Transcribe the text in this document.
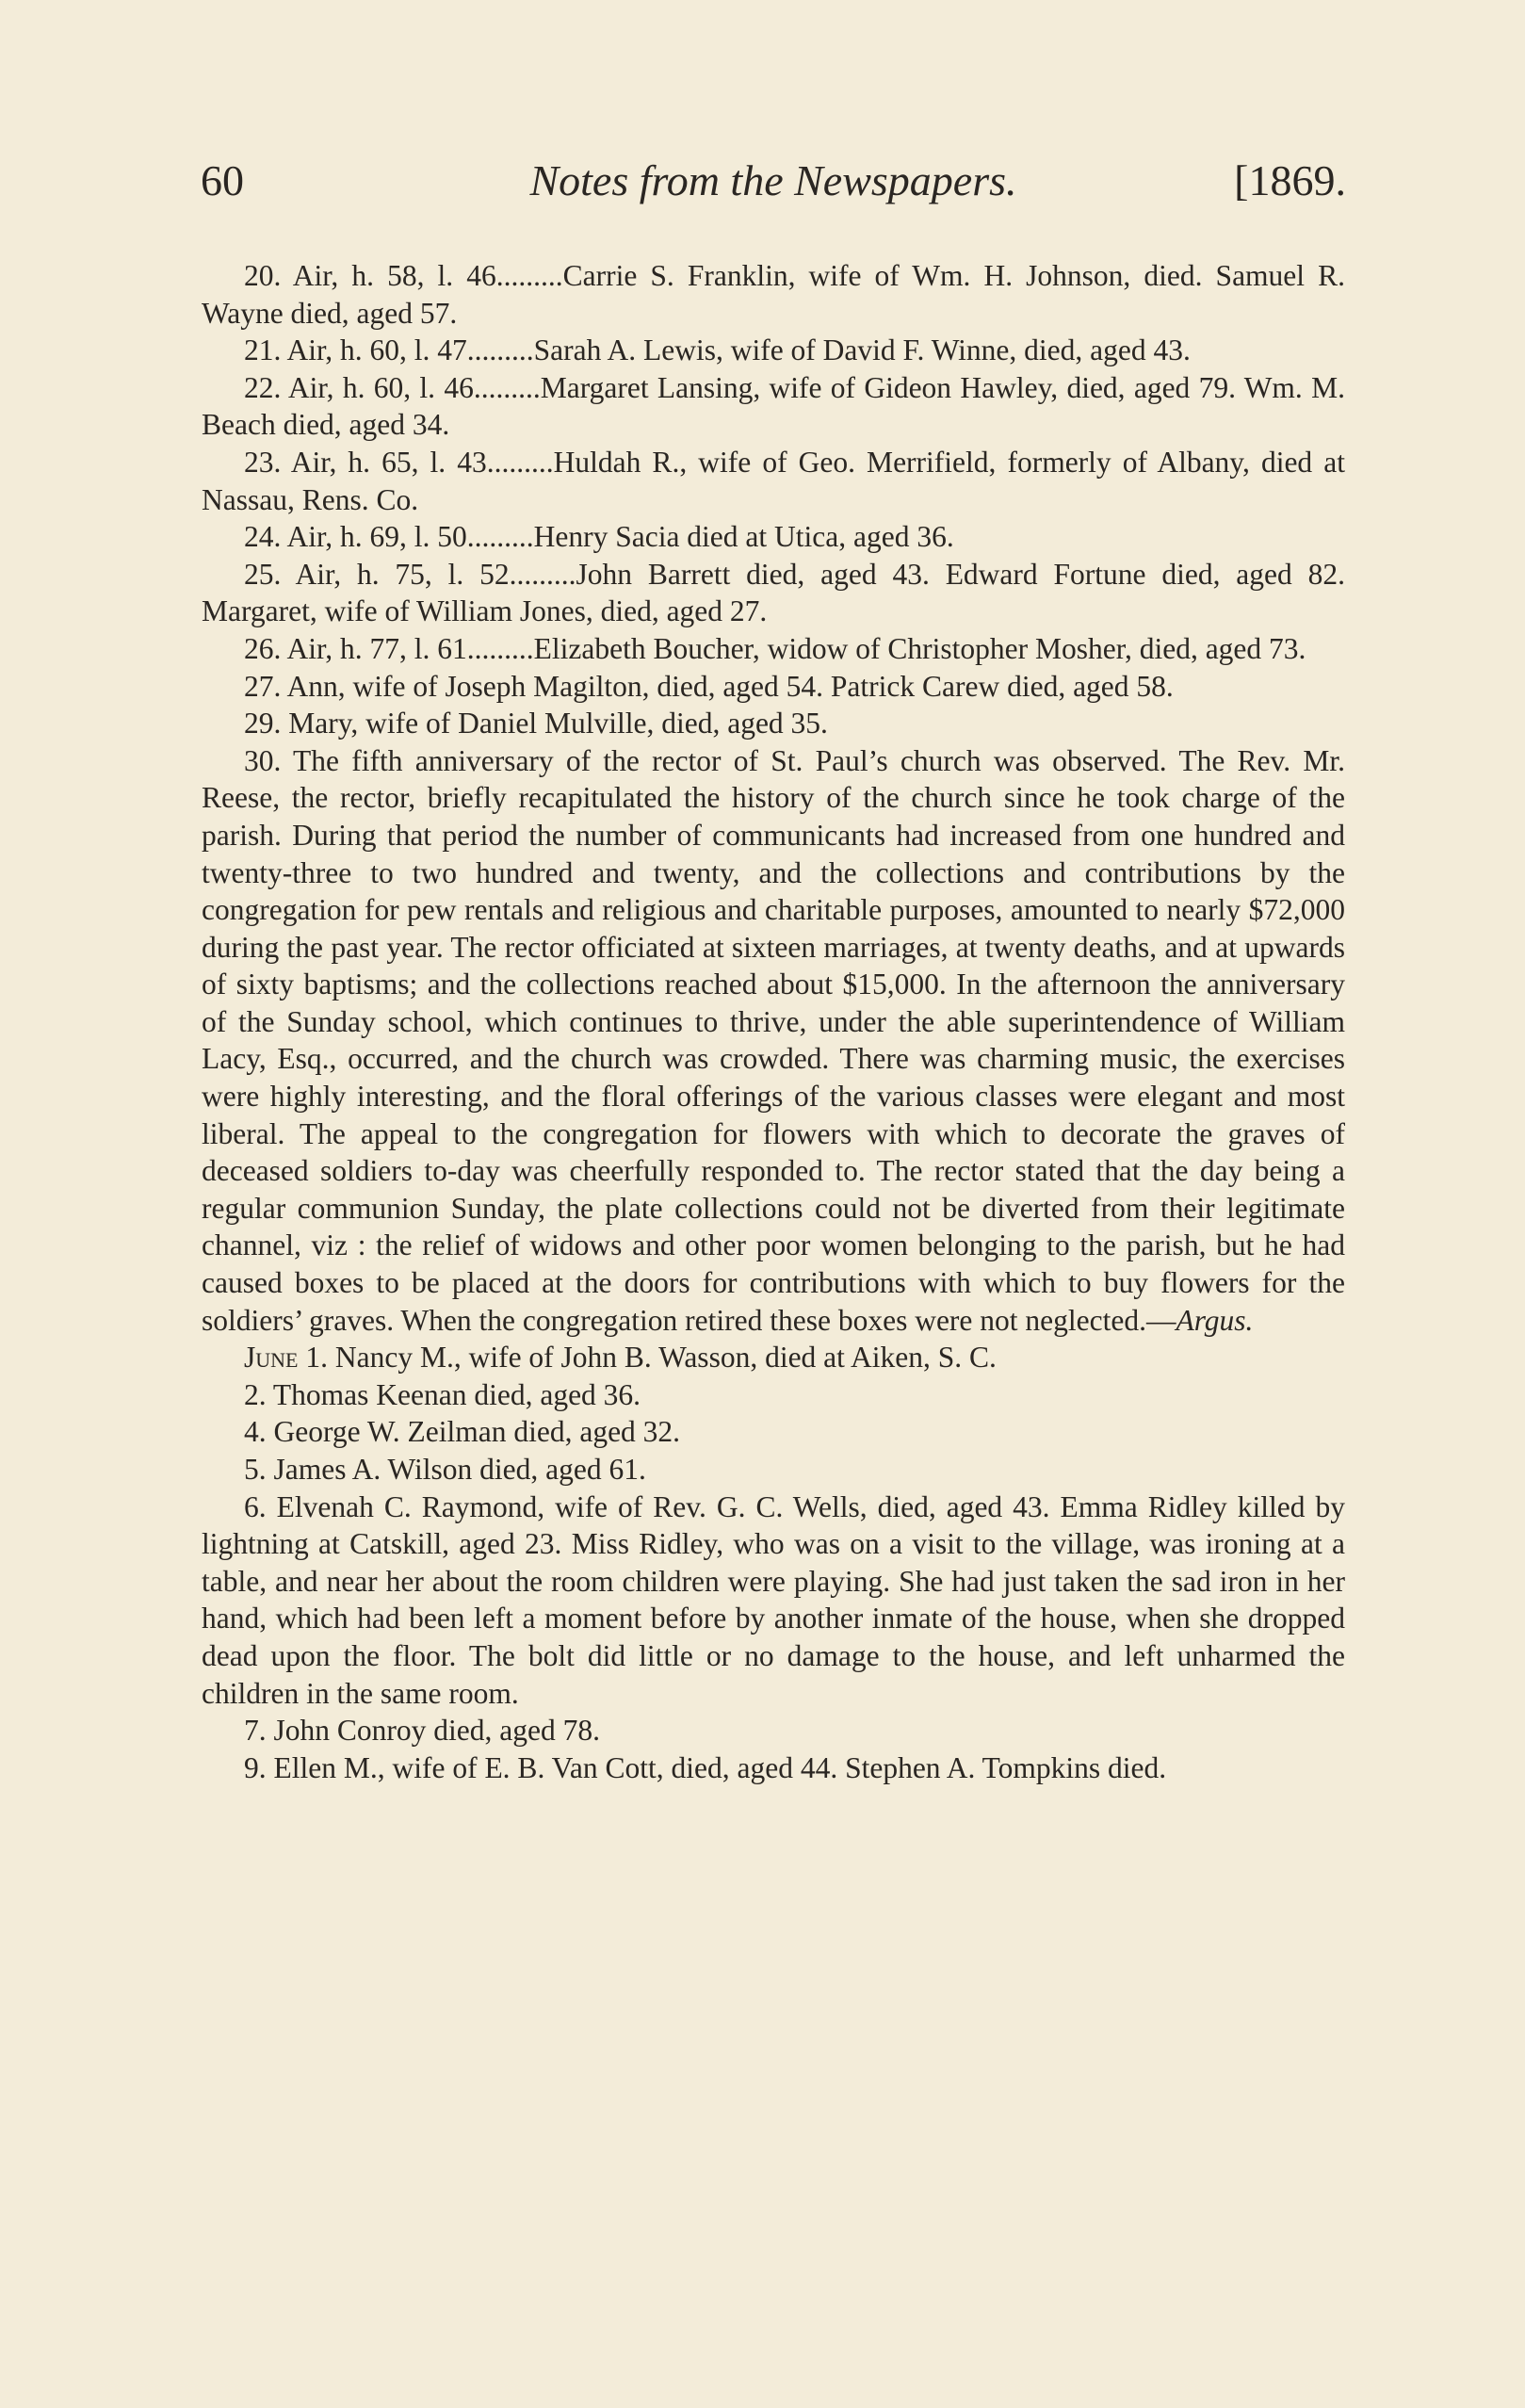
60	Notes from the Newspapers.	[1869.

20. Air, h. 58, l. 46.........Carrie S. Franklin, wife of Wm. H. Johnson, died. Samuel R. Wayne died, aged 57.

21. Air, h. 60, l. 47.........Sarah A. Lewis, wife of David F. Winne, died, aged 43.

22. Air, h. 60, l. 46.........Margaret Lansing, wife of Gideon Hawley, died, aged 79. Wm. M. Beach died, aged 34.

23. Air, h. 65, l. 43.........Huldah R., wife of Geo. Merrifield, formerly of Albany, died at Nassau, Rens. Co.

24. Air, h. 69, l. 50.........Henry Sacia died at Utica, aged 36.

25. Air, h. 75, l. 52.........John Barrett died, aged 43. Edward Fortune died, aged 82. Margaret, wife of William Jones, died, aged 27.

26. Air, h. 77, l. 61.........Elizabeth Boucher, widow of Christopher Mosher, died, aged 73.

27. Ann, wife of Joseph Magilton, died, aged 54. Patrick Carew died, aged 58.

29. Mary, wife of Daniel Mulville, died, aged 35.

30. The fifth anniversary of the rector of St. Paul’s church was observed. The Rev. Mr. Reese, the rector, briefly recapitulated the history of the church since he took charge of the parish. During that period the number of communicants had increased from one hundred and twenty-three to two hundred and twenty, and the collections and contributions by the congregation for pew rentals and religious and charitable purposes, amounted to nearly $72,000 during the past year. The rector officiated at sixteen marriages, at twenty deaths, and at upwards of sixty baptisms; and the collections reached about $15,000. In the afternoon the anniversary of the Sunday school, which continues to thrive, under the able superintendence of William Lacy, Esq., occurred, and the church was crowded. There was charming music, the exercises were highly interesting, and the floral offerings of the various classes were elegant and most liberal. The appeal to the congregation for flowers with which to decorate the graves of deceased soldiers to-day was cheerfully responded to. The rector stated that the day being a regular communion Sunday, the plate collections could not be diverted from their legitimate channel, viz : the relief of widows and other poor women belonging to the parish, but he had caused boxes to be placed at the doors for contributions with which to buy flowers for the soldiers’ graves. When the congregation retired these boxes were not neglected.—Argus.

June 1. Nancy M., wife of John B. Wasson, died at Aiken, S. C.

2. Thomas Keenan died, aged 36.

4. George W. Zeilman died, aged 32.

5. James A. Wilson died, aged 61.

6. Elvenah C. Raymond, wife of Rev. G. C. Wells, died, aged 43. Emma Ridley killed by lightning at Catskill, aged 23. Miss Ridley, who was on a visit to the village, was ironing at a table, and near her about the room children were playing. She had just taken the sad iron in her hand, which had been left a moment before by another inmate of the house, when she dropped dead upon the floor. The bolt did little or no damage to the house, and left unharmed the children in the same room.

7. John Conroy died, aged 78.

9. Ellen M., wife of E. B. Van Cott, died, aged 44. Stephen A. Tompkins died.
